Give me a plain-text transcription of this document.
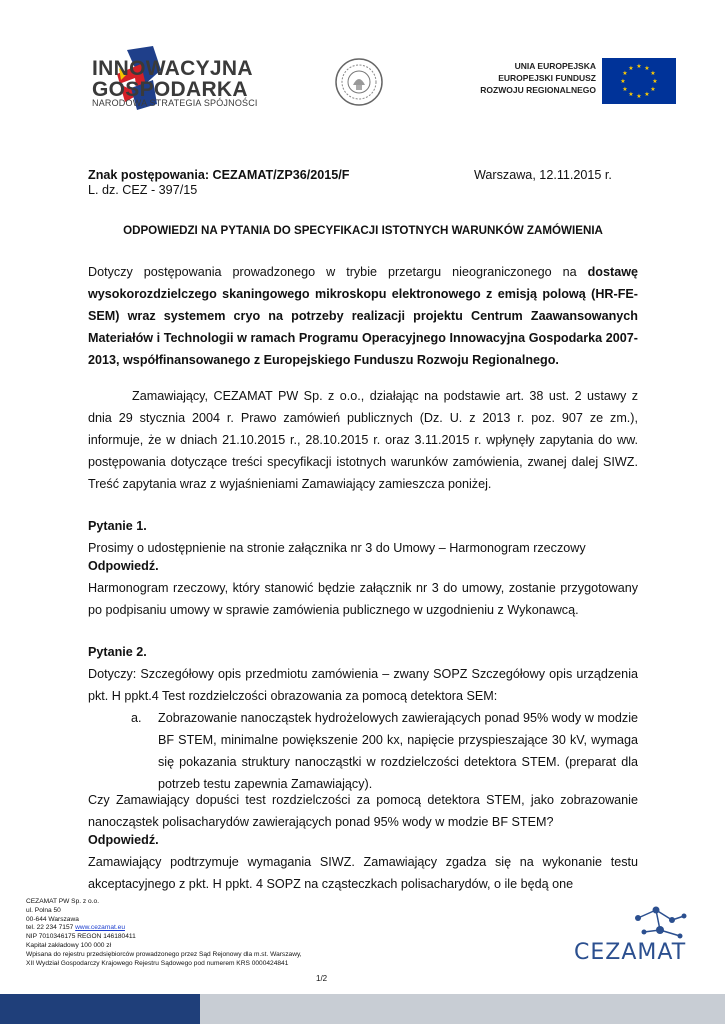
INNOWACYJNA
GOSPODARKA
NARODOWA STRATEGIA SPÓJNOŚCI
UNIA EUROPEJSKA
EUROPEJSKI FUNDUSZ
ROZWOJU REGIONALNEGO
★ ★
★
★
★
★
★
★
★
★
★
★
Znak postępowania: CEZAMAT/ZP36/2015/F	Warszawa, 12.11.2015 r.
L. dz. CEZ - 397/15
ODPOWIEDZI NA PYTANIA DO SPECYFIKACJI ISTOTNYCH WARUNKÓW ZAMÓWIENIA
Dotyczy postępowania prowadzonego w trybie przetargu nieograniczonego na dostawę wysokorozdzielczego skaningowego mikroskopu elektronowego z emisją polową (HR-FE-SEM) wraz systemem cryo na potrzeby realizacji projektu Centrum Zaawansowanych Materiałów i Technologii w ramach Programu Operacyjnego Innowacyjna Gospodarka 2007-2013, współfinansowanego z Europejskiego Funduszu Rozwoju Regionalnego.
Zamawiający, CEZAMAT PW Sp. z o.o., działając na podstawie art. 38 ust. 2 ustawy z dnia 29 stycznia 2004 r. Prawo zamówień publicznych (Dz. U. z 2013 r. poz. 907 ze zm.), informuje, że w dniach 21.10.2015 r., 28.10.2015 r. oraz 3.11.2015 r. wpłynęły zapytania do ww. postępowania dotyczące treści specyfikacji istotnych warunków zamówienia, zwanej dalej SIWZ. Treść zapytania wraz z wyjaśnieniami Zamawiający zamieszcza poniżej.
Pytanie 1.
Prosimy o udostępnienie na stronie załącznika nr 3 do Umowy – Harmonogram rzeczowy
Odpowiedź.
Harmonogram rzeczowy, który stanowić będzie załącznik nr 3 do umowy, zostanie przygotowany po podpisaniu umowy w sprawie zamówienia publicznego w uzgodnieniu z Wykonawcą.
Pytanie 2.
Dotyczy: Szczegółowy opis przedmiotu zamówienia – zwany SOPZ Szczegółowy opis urządzenia pkt. H ppkt.4 Test rozdzielczości obrazowania za pomocą detektora SEM:
a. Zobrazowanie nanocząstek hydrożelowych zawierających ponad 95% wody w modzie BF STEM, minimalne powiększenie 200 kx, napięcie przyspieszające 30 kV, wymaga się pokazania struktury nanocząstki w rozdzielczości detektora STEM. (preparat dla potrzeb testu zapewnia Zamawiający).
Czy Zamawiający dopuści test rozdzielczości za pomocą detektora STEM, jako zobrazowanie nanocząstek polisacharydów zawierających ponad 95% wody w modzie BF STEM?
Odpowiedź.
Zamawiający podtrzymuje wymagania SIWZ. Zamawiający zgadza się na wykonanie testu akceptacyjnego z pkt. H ppkt. 4 SOPZ na cząsteczkach polisacharydów, o ile będą one
CEZAMAT PW Sp. z o.o.
ul. Polna 50
00-644 Warszawa
tel. 22 234 7157 www.cezamat.eu
NIP 7010346175 REGON 146180411
Kapitał zakładowy 100 000 zł
Wpisana do rejestru przedsiębiorców prowadzonego przez Sąd Rejonowy dla m.st. Warszawy,
XII Wydział Gospodarczy Krajowego Rejestru Sądowego pod numerem KRS 0000424841	CEZAMAT
1/2
